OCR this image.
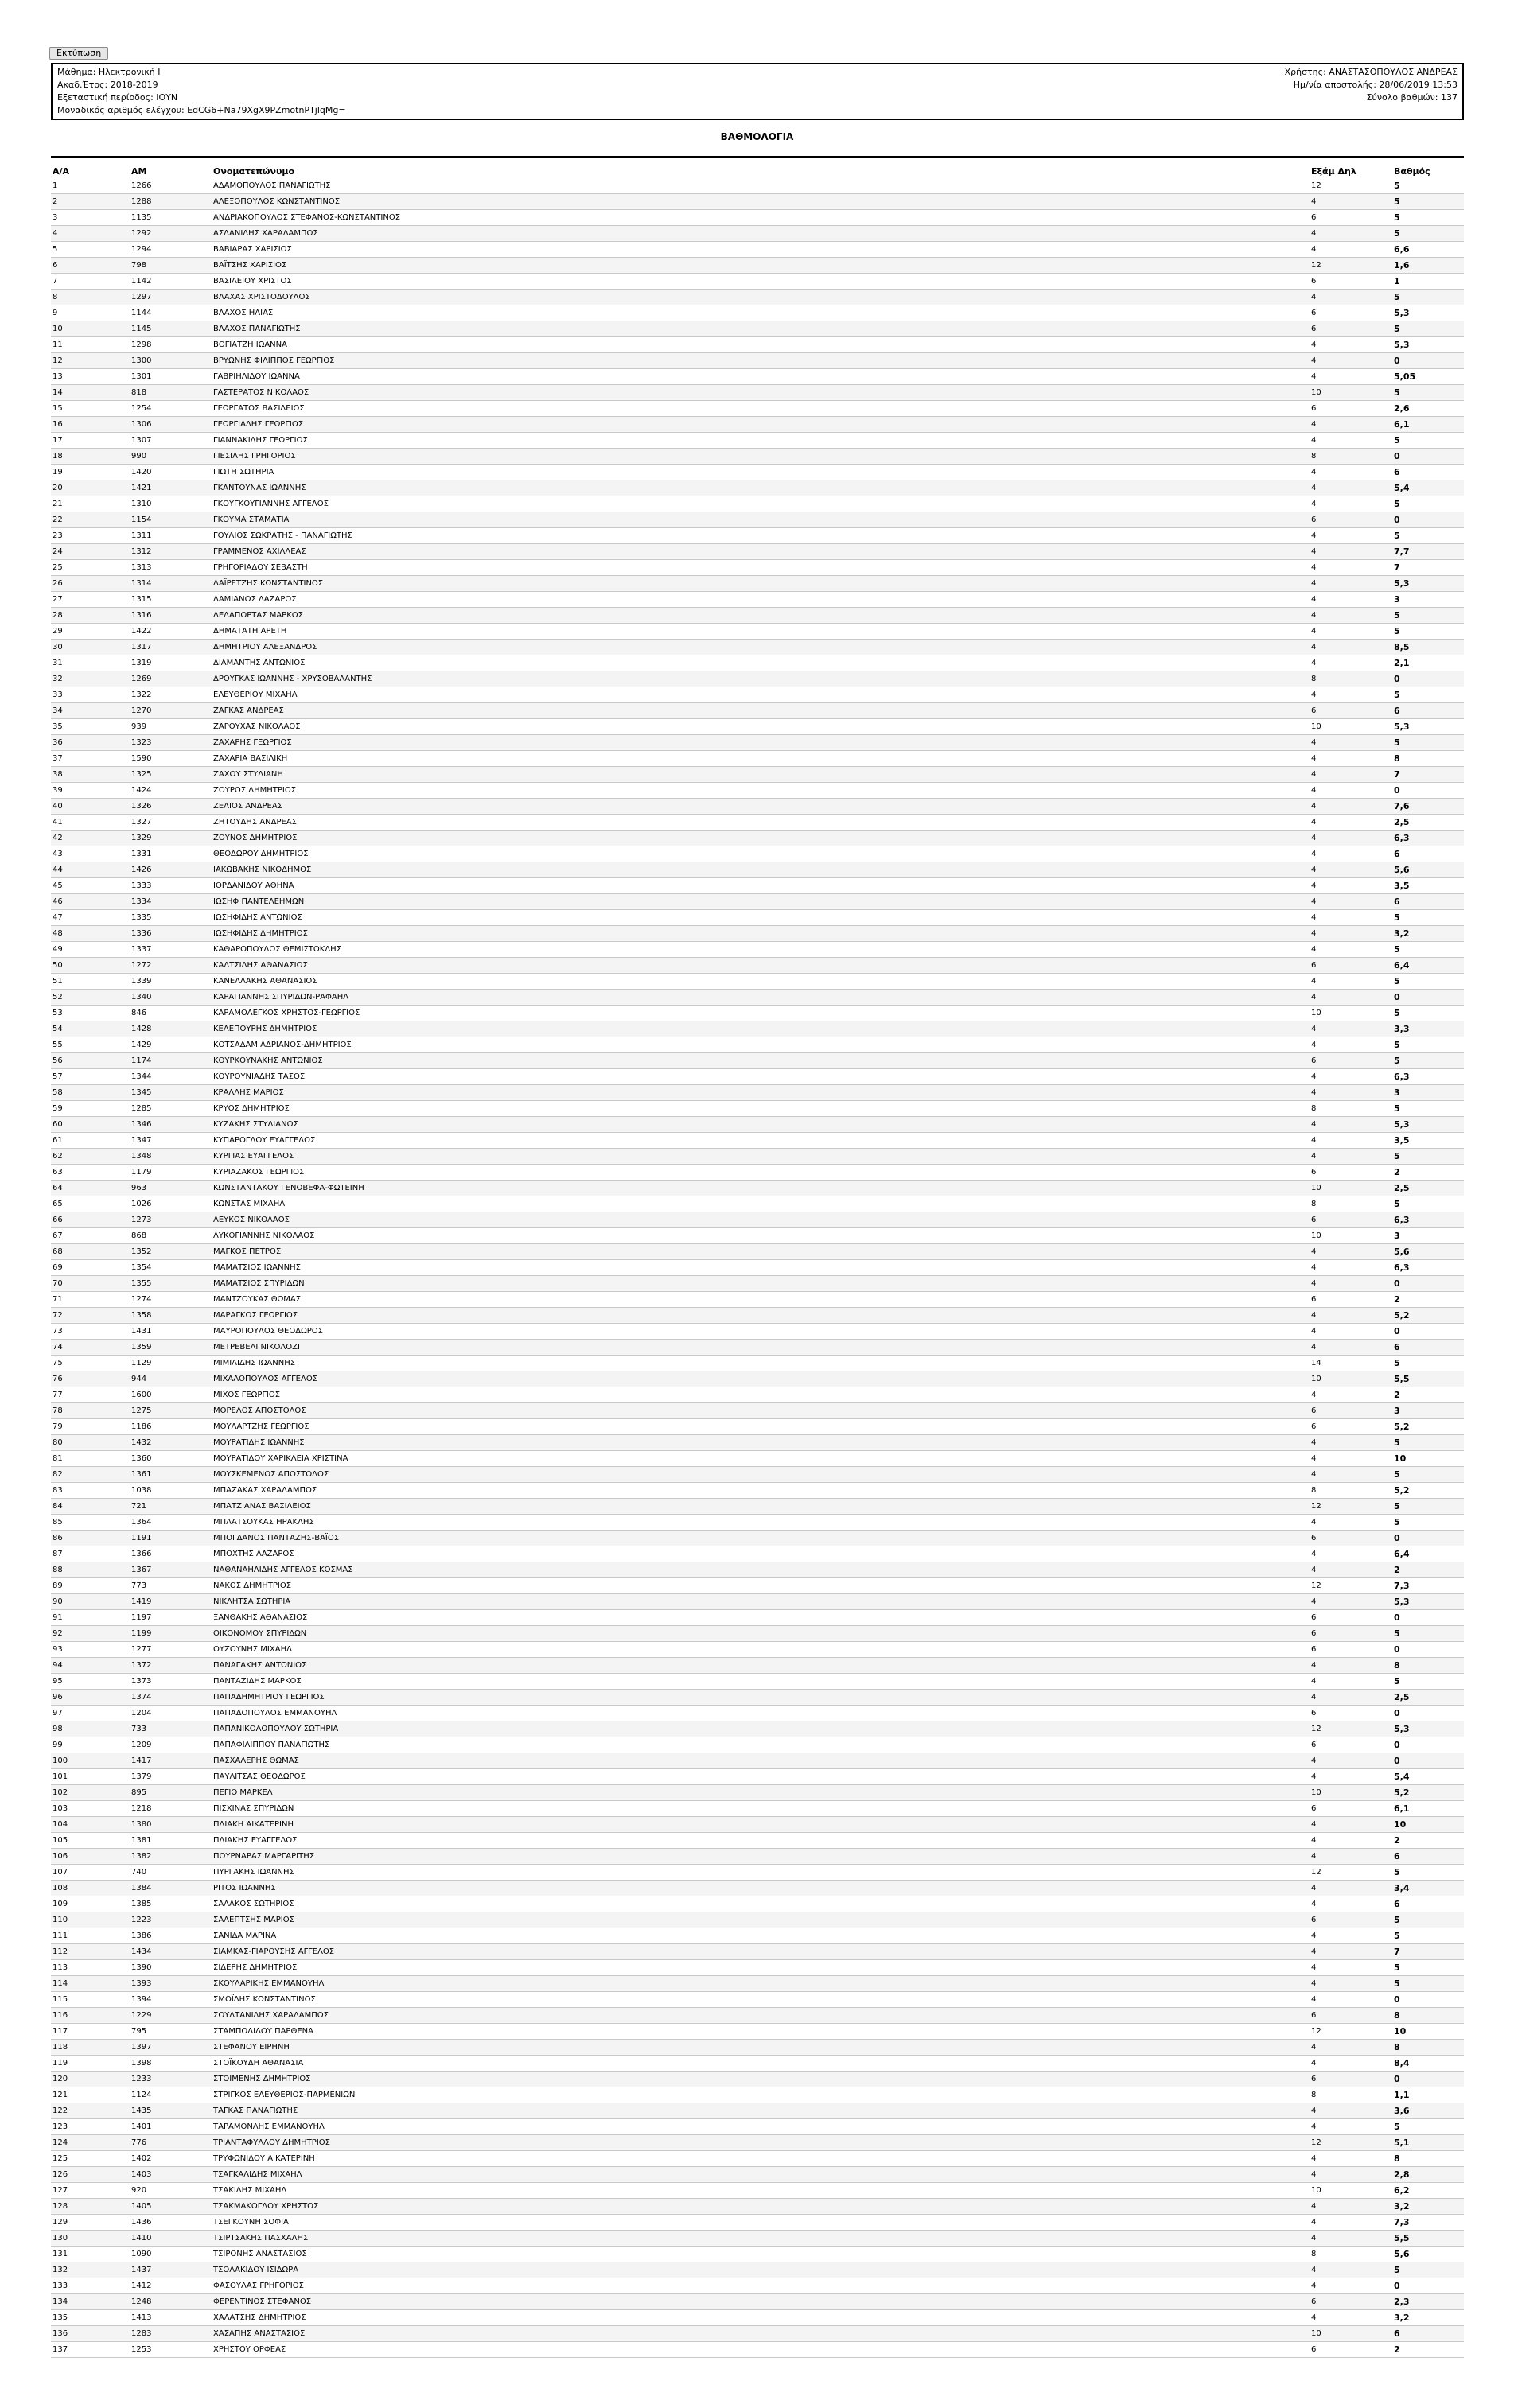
Εκτύπωση
Μάθημα: Ηλεκτρονική Ι
Ακαδ.Έτος: 2018-2019
Εξεταστική περίοδος: ΙΟΥΝ
Μοναδικός αριθμός ελέγχου: EdCG6+Na79XgX9PZmotnPTjlqMg=
Χρήστης: ΑΝΑΣΤΑΣΟΠΟΥΛΟΣ ΑΝΔΡΕΑΣ
Ημ/νία αποστολής: 28/06/2019 13:53
Σύνολο βαθμών: 137
ΒΑΘΜΟΛΟΓΙΑ
Α/Α	ΑΜ	Ονοματεπώνυμο	Εξάμ Δηλ	Βαθμός
1	1266	ΑΔΑΜΟΠΟΥΛΟΣ ΠΑΝΑΓΙΩΤΗΣ	12	5
2	1288	ΑΛΕΞΟΠΟΥΛΟΣ ΚΩΝΣΤΑΝΤΙΝΟΣ	4	5
3	1135	ΑΝΔΡΙΑΚΟΠΟΥΛΟΣ ΣΤΕΦΑΝΟΣ-ΚΩΝΣΤΑΝΤΙΝΟΣ	6	5
4	1292	ΑΣΛΑΝΙΔΗΣ ΧΑΡΑΛΑΜΠΟΣ	4	5
5	1294	ΒΑΒΙΑΡΑΣ ΧΑΡΙΣΙΟΣ	4	6,6
6	798	ΒΑΪΤΣΗΣ ΧΑΡΙΣΙΟΣ	12	1,6
7	1142	ΒΑΣΙΛΕΙΟΥ ΧΡΙΣΤΟΣ	6	1
8	1297	ΒΛΑΧΑΣ ΧΡΙΣΤΟΔΟΥΛΟΣ	4	5
9	1144	ΒΛΑΧΟΣ ΗΛΙΑΣ	6	5,3
10	1145	ΒΛΑΧΟΣ ΠΑΝΑΓΙΩΤΗΣ	6	5
11	1298	ΒΟΓΙΑΤΖΗ ΙΩΑΝΝΑ	4	5,3
12	1300	ΒΡΥΩΝΗΣ ΦΙΛΙΠΠΟΣ ΓΕΩΡΓΙΟΣ	4	0
13	1301	ΓΑΒΡΙΗΛΙΔΟΥ ΙΩΑΝΝΑ	4	5,05
14	818	ΓΑΣΤΕΡΑΤΟΣ ΝΙΚΟΛΑΟΣ	10	5
15	1254	ΓΕΩΡΓΑΤΟΣ ΒΑΣΙΛΕΙΟΣ	6	2,6
16	1306	ΓΕΩΡΓΙΑΔΗΣ ΓΕΩΡΓΙΟΣ	4	6,1
17	1307	ΓΙΑΝΝΑΚΙΔΗΣ ΓΕΩΡΓΙΟΣ	4	5
18	990	ΓΙΕΣΙΛΗΣ ΓΡΗΓΟΡΙΟΣ	8	0
19	1420	ΓΙΩΤΗ ΣΩΤΗΡΙΑ	4	6
20	1421	ΓΚΑΝΤΟΥΝΑΣ ΙΩΑΝΝΗΣ	4	5,4
21	1310	ΓΚΟΥΓΚΟΥΓΙΑΝΝΗΣ ΑΓΓΕΛΟΣ	4	5
22	1154	ΓΚΟΥΜΑ ΣΤΑΜΑΤΙΑ	6	0
23	1311	ΓΟΥΛΙΟΣ ΣΩΚΡΑΤΗΣ - ΠΑΝΑΓΙΩΤΗΣ	4	5
24	1312	ΓΡΑΜΜΕΝΟΣ ΑΧΙΛΛΕΑΣ	4	7,7
25	1313	ΓΡΗΓΟΡΙΑΔΟΥ ΣΕΒΑΣΤΗ	4	7
26	1314	ΔΑΪΡΕΤΖΗΣ ΚΩΝΣΤΑΝΤΙΝΟΣ	4	5,3
27	1315	ΔΑΜΙΑΝΟΣ ΛΑΖΑΡΟΣ	4	3
28	1316	ΔΕΛΑΠΟΡΤΑΣ ΜΑΡΚΟΣ	4	5
29	1422	ΔΗΜΑΤΑΤΗ ΑΡΕΤΗ	4	5
30	1317	ΔΗΜΗΤΡΙΟΥ ΑΛΕΞΑΝΔΡΟΣ	4	8,5
31	1319	ΔΙΑΜΑΝΤΗΣ ΑΝΤΩΝΙΟΣ	4	2,1
32	1269	ΔΡΟΥΓΚΑΣ ΙΩΑΝΝΗΣ - ΧΡΥΣΟΒΑΛΑΝΤΗΣ	8	0
33	1322	ΕΛΕΥΘΕΡΙΟΥ ΜΙΧΑΗΛ	4	5
34	1270	ΖΑΓΚΑΣ ΑΝΔΡΕΑΣ	6	6
35	939	ΖΑΡΟΥΧΑΣ ΝΙΚΟΛΑΟΣ	10	5,3
36	1323	ΖΑΧΑΡΗΣ ΓΕΩΡΓΙΟΣ	4	5
37	1590	ΖΑΧΑΡΙΑ ΒΑΣΙΛΙΚΗ	4	8
38	1325	ΖΑΧΟΥ ΣΤΥΛΙΑΝΗ	4	7
39	1424	ΖΟΥΡΟΣ ΔΗΜΗΤΡΙΟΣ	4	0
40	1326	ΖΕΛΙΟΣ ΑΝΔΡΕΑΣ	4	7,6
41	1327	ΖΗΤΟΥΔΗΣ ΑΝΔΡΕΑΣ	4	2,5
42	1329	ΖΟΥΝΟΣ ΔΗΜΗΤΡΙΟΣ	4	6,3
43	1331	ΘΕΟΔΩΡΟΥ ΔΗΜΗΤΡΙΟΣ	4	6
44	1426	ΙΑΚΩΒΑΚΗΣ ΝΙΚΟΔΗΜΟΣ	4	5,6
45	1333	ΙΟΡΔΑΝΙΔΟΥ ΑΘΗΝΑ	4	3,5
46	1334	ΙΩΣΗΦ ΠΑΝΤΕΛΕΗΜΩΝ	4	6
47	1335	ΙΩΣΗΦΙΔΗΣ ΑΝΤΩΝΙΟΣ	4	5
48	1336	ΙΩΣΗΦΙΔΗΣ ΔΗΜΗΤΡΙΟΣ	4	3,2
49	1337	ΚΑΘΑΡΟΠΟΥΛΟΣ ΘΕΜΙΣΤΟΚΛΗΣ	4	5
50	1272	ΚΑΛΤΣΙΔΗΣ ΑΘΑΝΑΣΙΟΣ	6	6,4
51	1339	ΚΑΝΕΛΛΑΚΗΣ ΑΘΑΝΑΣΙΟΣ	4	5
52	1340	ΚΑΡΑΓΙΑΝΝΗΣ ΣΠΥΡΙΔΩΝ-ΡΑΦΑΗΛ	4	0
53	846	ΚΑΡΑΜΟΛΕΓΚΟΣ ΧΡΗΣΤΟΣ-ΓΕΩΡΓΙΟΣ	10	5
54	1428	ΚΕΛΕΠΟΥΡΗΣ ΔΗΜΗΤΡΙΟΣ	4	3,3
55	1429	ΚΟΤΣΑΔΑΜ ΑΔΡΙΑΝΟΣ-ΔΗΜΗΤΡΙΟΣ	4	5
56	1174	ΚΟΥΡΚΟΥΝΑΚΗΣ ΑΝΤΩΝΙΟΣ	6	5
57	1344	ΚΟΥΡΟΥΝΙΑΔΗΣ ΤΑΣΟΣ	4	6,3
58	1345	ΚΡΑΛΛΗΣ ΜΑΡΙΟΣ	4	3
59	1285	ΚΡΥΟΣ ΔΗΜΗΤΡΙΟΣ	8	5
60	1346	ΚΥΖΑΚΗΣ ΣΤΥΛΙΑΝΟΣ	4	5,3
61	1347	ΚΥΠΑΡΟΓΛΟΥ ΕΥΑΓΓΕΛΟΣ	4	3,5
62	1348	ΚΥΡΓΙΑΣ ΕΥΑΓΓΕΛΟΣ	4	5
63	1179	ΚΥΡΙΑΖΑΚΟΣ ΓΕΩΡΓΙΟΣ	6	2
64	963	ΚΩΝΣΤΑΝΤΑΚΟΥ ΓΕΝΟΒΕΦΑ-ΦΩΤΕΙΝΗ	10	2,5
65	1026	ΚΩΝΣΤΑΣ ΜΙΧΑΗΛ	8	5
66	1273	ΛΕΥΚΟΣ ΝΙΚΟΛΑΟΣ	6	6,3
67	868	ΛΥΚΟΓΙΑΝΝΗΣ ΝΙΚΟΛΑΟΣ	10	3
68	1352	ΜΑΓΚΟΣ ΠΕΤΡΟΣ	4	5,6
69	1354	ΜΑΜΑΤΣΙΟΣ ΙΩΑΝΝΗΣ	4	6,3
70	1355	ΜΑΜΑΤΣΙΟΣ ΣΠΥΡΙΔΩΝ	4	0
71	1274	ΜΑΝΤΖΟΥΚΑΣ ΘΩΜΑΣ	6	2
72	1358	ΜΑΡΑΓΚΟΣ ΓΕΩΡΓΙΟΣ	4	5,2
73	1431	ΜΑΥΡΟΠΟΥΛΟΣ ΘΕΟΔΩΡΟΣ	4	0
74	1359	ΜΕΤΡΕΒΕΛΙ ΝΙΚΟΛΟΖΙ	4	6
75	1129	ΜΙΜΙΛΙΔΗΣ ΙΩΑΝΝΗΣ	14	5
76	944	ΜΙΧΑΛΟΠΟΥΛΟΣ ΑΓΓΕΛΟΣ	10	5,5
77	1600	ΜΙΧΟΣ ΓΕΩΡΓΙΟΣ	4	2
78	1275	ΜΟΡΕΛΟΣ ΑΠΟΣΤΟΛΟΣ	6	3
79	1186	ΜΟΥΛΑΡΤΖΗΣ ΓΕΩΡΓΙΟΣ	6	5,2
80	1432	ΜΟΥΡΑΤΙΔΗΣ ΙΩΑΝΝΗΣ	4	5
81	1360	ΜΟΥΡΑΤΙΔΟΥ ΧΑΡΙΚΛΕΙΑ ΧΡΙΣΤΙΝΑ	4	10
82	1361	ΜΟΥΣΚΕΜΕΝΟΣ ΑΠΟΣΤΟΛΟΣ	4	5
83	1038	ΜΠΑΖΑΚΑΣ ΧΑΡΑΛΑΜΠΟΣ	8	5,2
84	721	ΜΠΑΤΖΙΑΝΑΣ ΒΑΣΙΛΕΙΟΣ	12	5
85	1364	ΜΠΛΑΤΣΟΥΚΑΣ ΗΡΑΚΛΗΣ	4	5
86	1191	ΜΠΟΓΔΑΝΟΣ ΠΑΝΤΑΖΗΣ-ΒΑΪΟΣ	6	0
87	1366	ΜΠΟΧΤΗΣ ΛΑΖΑΡΟΣ	4	6,4
88	1367	ΝΑΘΑΝΑΗΛΙΔΗΣ ΑΓΓΕΛΟΣ ΚΟΣΜΑΣ	4	2
89	773	ΝΑΚΟΣ ΔΗΜΗΤΡΙΟΣ	12	7,3
90	1419	ΝΙΚΛΗΤΣΑ ΣΩΤΗΡΙΑ	4	5,3
91	1197	ΞΑΝΘΑΚΗΣ ΑΘΑΝΑΣΙΟΣ	6	0
92	1199	ΟΙΚΟΝΟΜΟΥ ΣΠΥΡΙΔΩΝ	6	5
93	1277	ΟΥΖΟΥΝΗΣ ΜΙΧΑΗΛ	6	0
94	1372	ΠΑΝΑΓΑΚΗΣ ΑΝΤΩΝΙΟΣ	4	8
95	1373	ΠΑΝΤΑΖΙΔΗΣ ΜΑΡΚΟΣ	4	5
96	1374	ΠΑΠΑΔΗΜΗΤΡΙΟΥ ΓΕΩΡΓΙΟΣ	4	2,5
97	1204	ΠΑΠΑΔΟΠΟΥΛΟΣ ΕΜΜΑΝΟΥΗΛ	6	0
98	733	ΠΑΠΑΝΙΚΟΛΟΠΟΥΛΟΥ ΣΩΤΗΡΙΑ	12	5,3
99	1209	ΠΑΠΑΦΙΛΙΠΠΟΥ ΠΑΝΑΓΙΩΤΗΣ	6	0
100	1417	ΠΑΣΧΑΛΕΡΗΣ ΘΩΜΑΣ	4	0
101	1379	ΠΑΥΛΙΤΣΑΣ ΘΕΟΔΩΡΟΣ	4	5,4
102	895	ΠΕΓΙΟ ΜΑΡΚΕΛ	10	5,2
103	1218	ΠΙΣΧΙΝΑΣ ΣΠΥΡΙΔΩΝ	6	6,1
104	1380	ΠΛΙΑΚΗ ΑΙΚΑΤΕΡΙΝΗ	4	10
105	1381	ΠΛΙΑΚΗΣ ΕΥΑΓΓΕΛΟΣ	4	2
106	1382	ΠΟΥΡΝΑΡΑΣ ΜΑΡΓΑΡΙΤΗΣ	4	6
107	740	ΠΥΡΓΑΚΗΣ ΙΩΑΝΝΗΣ	12	5
108	1384	ΡΙΤΟΣ ΙΩΑΝΝΗΣ	4	3,4
109	1385	ΣΑΛΑΚΟΣ ΣΩΤΗΡΙΟΣ	4	6
110	1223	ΣΑΛΕΠΤΣΗΣ ΜΑΡΙΟΣ	6	5
111	1386	ΣΑΝΙΔΑ ΜΑΡΙΝΑ	4	5
112	1434	ΣΙΑΜΚΑΣ-ΓΙΑΡΟΥΣΗΣ ΑΓΓΕΛΟΣ	4	7
113	1390	ΣΙΔΕΡΗΣ ΔΗΜΗΤΡΙΟΣ	4	5
114	1393	ΣΚΟΥΛΑΡΙΚΗΣ ΕΜΜΑΝΟΥΗΛ	4	5
115	1394	ΣΜΟΪΛΗΣ ΚΩΝΣΤΑΝΤΙΝΟΣ	4	0
116	1229	ΣΟΥΛΤΑΝΙΔΗΣ ΧΑΡΑΛΑΜΠΟΣ	6	8
117	795	ΣΤΑΜΠΟΛΙΔΟΥ ΠΑΡΘΕΝΑ	12	10
118	1397	ΣΤΕΦΑΝΟΥ ΕΙΡΗΝΗ	4	8
119	1398	ΣΤΟΪΚΟΥΔΗ ΑΘΑΝΑΣΙΑ	4	8,4
120	1233	ΣΤΟΙΜΕΝΗΣ ΔΗΜΗΤΡΙΟΣ	6	0
121	1124	ΣΤΡΙΓΚΟΣ ΕΛΕΥΘΕΡΙΟΣ-ΠΑΡΜΕΝΙΩΝ	8	1,1
122	1435	ΤΑΓΚΑΣ ΠΑΝΑΓΙΩΤΗΣ	4	3,6
123	1401	ΤΑΡΑΜΟΝΛΗΣ ΕΜΜΑΝΟΥΗΛ	4	5
124	776	ΤΡΙΑΝΤΑΦΥΛΛΟΥ ΔΗΜΗΤΡΙΟΣ	12	5,1
125	1402	ΤΡΥΦΩΝΙΔΟΥ ΑΙΚΑΤΕΡΙΝΗ	4	8
126	1403	ΤΣΑΓΚΑΛΙΔΗΣ ΜΙΧΑΗΛ	4	2,8
127	920	ΤΣΑΚΙΔΗΣ ΜΙΧΑΗΛ	10	6,2
128	1405	ΤΣΑΚΜΑΚΟΓΛΟΥ ΧΡΗΣΤΟΣ	4	3,2
129	1436	ΤΣΕΓΚΟΥΝΗ ΣΟΦΙΑ	4	7,3
130	1410	ΤΣΙΡΤΣΑΚΗΣ ΠΑΣΧΑΛΗΣ	4	5,5
131	1090	ΤΣΙΡΟΝΗΣ ΑΝΑΣΤΑΣΙΟΣ	8	5,6
132	1437	ΤΣΟΛΑΚΙΔΟΥ ΙΣΙΔΩΡΑ	4	5
133	1412	ΦΑΣΟΥΛΑΣ ΓΡΗΓΟΡΙΟΣ	4	0
134	1248	ΦΕΡΕΝΤΙΝΟΣ ΣΤΕΦΑΝΟΣ	6	2,3
135	1413	ΧΑΛΑΤΣΗΣ ΔΗΜΗΤΡΙΟΣ	4	3,2
136	1283	ΧΑΣΑΠΗΣ ΑΝΑΣΤΑΣΙΟΣ	10	6
137	1253	ΧΡΗΣΤΟΥ ΟΡΦΕΑΣ	6	2
